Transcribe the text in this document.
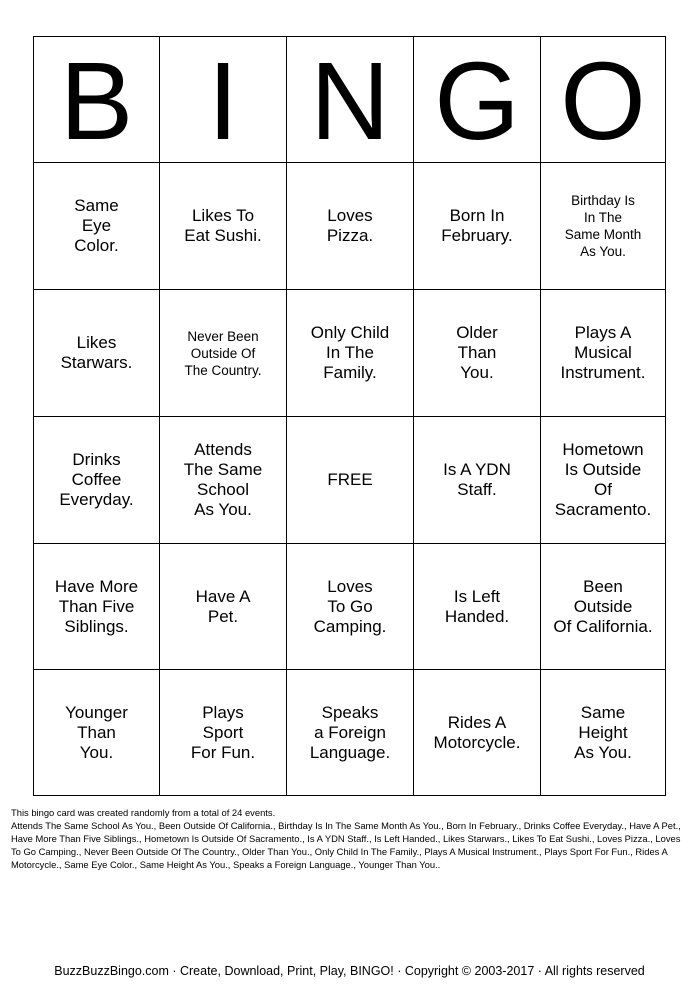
B I N G O
Same
Eye
Color.
Likes To
Eat Sushi.
Loves
Pizza.
Born In
February.
Birthday Is
In The
Same Month
As You.
Likes
Starwars.
Never Been
Outside Of
The Country.
Only Child
In The
Family.
Older
Than
You.
Plays A
Musical
Instrument.
Drinks
Coffee
Everyday.
Attends
The Same
School
As You.
FREE
Is A YDN
Staff.
Hometown
Is Outside
Of
Sacramento.
Have More
Than Five
Siblings.
Have A
Pet.
Loves
To Go
Camping.
Is Left
Handed.
Been
Outside
Of California.
Younger
Than
You.
Plays
Sport
For Fun.
Speaks
a Foreign
Language.
Rides A
Motorcycle.
Same
Height
As You.

This bingo card was created randomly from a total of 24 events.

Attends The Same School As You., Been Outside Of California., Birthday Is In The Same Month As You., Born In February., Drinks Coffee Everyday., Have A Pet., Have More Than Five Siblings., Hometown Is Outside Of Sacramento., Is A YDN Staff., Is Left Handed., Likes Starwars., Likes To Eat Sushi., Loves Pizza., Loves To Go Camping., Never Been Outside Of The Country., Older Than You., Only Child In The Family., Plays A Musical Instrument., Plays Sport For Fun., Rides A Motorcycle., Same Eye Color., Same Height As You., Speaks a Foreign Language., Younger Than You..

BuzzBuzzBingo.com · Create, Download, Print, Play, BINGO! · Copyright © 2003-2017 · All rights reserved
